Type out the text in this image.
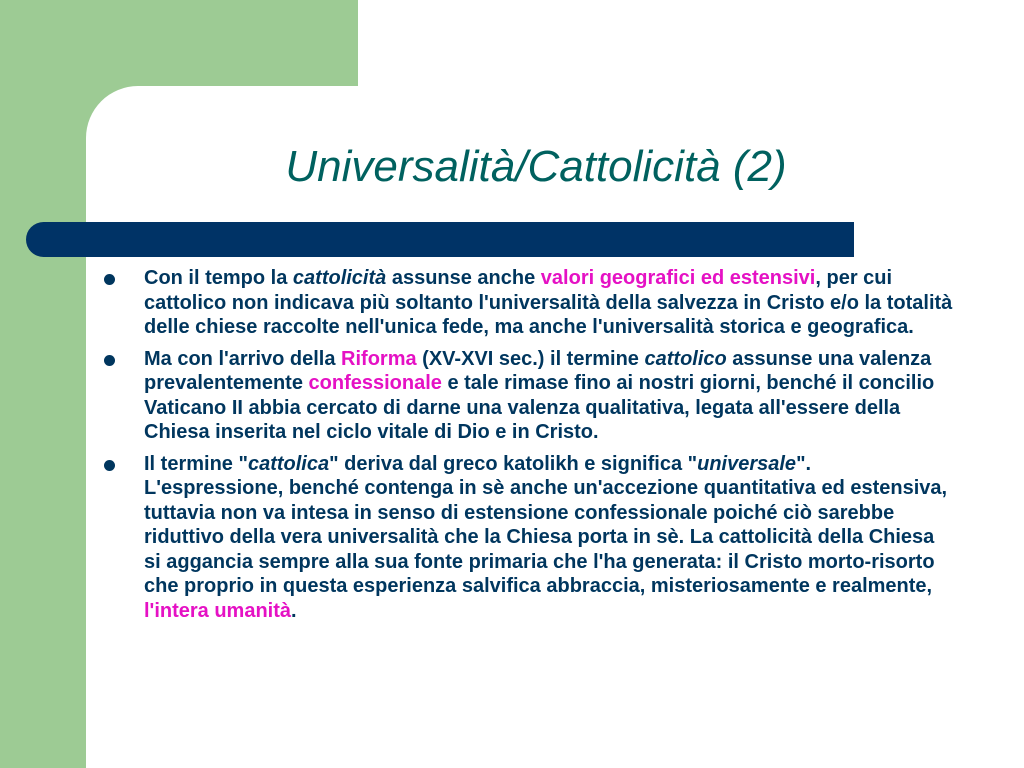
Universalità/Cattolicità (2)
Con il tempo la cattolicità assunse anche valori geografici ed estensivi, per cui cattolico non indicava più soltanto l'universalità della salvezza in Cristo e/o la totalità delle chiese raccolte nell'unica fede, ma anche l'universalità storica e geografica.
Ma con l'arrivo della Riforma (XV-XVI sec.) il termine cattolico assunse una valenza prevalentemente confessionale e tale rimase fino ai nostri giorni, benché il concilio Vaticano II abbia cercato di darne una valenza qualitativa, legata all'essere della Chiesa inserita nel ciclo vitale di Dio e in Cristo.
Il termine "cattolica" deriva dal greco katolikh e significa "universale". L'espressione, benché contenga in sè anche un'accezione quantitativa ed estensiva, tuttavia non va intesa in senso di estensione confessionale poiché ciò sarebbe riduttivo della vera universalità che la Chiesa porta in sè. La cattolicità della Chiesa si aggancia sempre alla sua fonte primaria che l'ha generata: il Cristo morto-risorto che proprio in questa esperienza salvifica abbraccia, misteriosamente e realmente, l'intera umanità.
